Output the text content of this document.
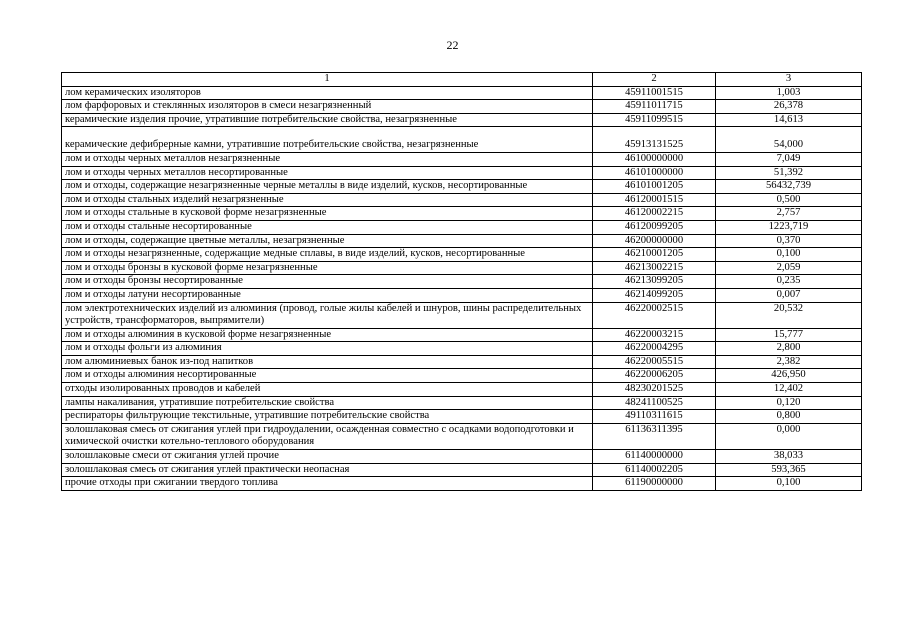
22
1	2	3
лом керамических изоляторов	45911001515	1,003
лом фарфоровых и стеклянных изоляторов в смеси незагрязненный	45911011715	26,378
керамические изделия прочие, утратившие потребительские свойства, незагрязненные	45911099515	14,613
керамические дефибрерные камни, утратившие потребительские свойства, незагрязненные	45913131525	54,000
лом и отходы черных металлов незагрязненные	46100000000	7,049
лом и отходы черных металлов несортированные	46101000000	51,392
лом и отходы, содержащие незагрязненные черные металлы в виде изделий, кусков, несортированные	46101001205	56432,739
лом и отходы стальных изделий незагрязненные	46120001515	0,500
лом и отходы стальные в кусковой форме незагрязненные	46120002215	2,757
лом и отходы стальные несортированные	46120099205	1223,719
лом и отходы, содержащие цветные металлы, незагрязненные	46200000000	0,370
лом и отходы незагрязненные, содержащие медные сплавы, в виде изделий, кусков, несортированные	46210001205	0,100
лом и отходы бронзы в кусковой форме незагрязненные	46213002215	2,059
лом и отходы бронзы несортированные	46213099205	0,235
лом и отходы латуни несортированные	46214099205	0,007
лом электротехнических изделий из алюминия (провод, голые жилы кабелей и шнуров, шины распределительных устройств, трансформаторов, выпрямители)	46220002515	20,532
лом и отходы алюминия в кусковой форме незагрязненные	46220003215	15,777
лом и отходы фольги из алюминия	46220004295	2,800
лом алюминиевых банок из-под напитков	46220005515	2,382
лом и отходы алюминия несортированные	46220006205	426,950
отходы изолированных проводов и кабелей	48230201525	12,402
лампы накаливания, утратившие потребительские свойства	48241100525	0,120
респираторы фильтрующие текстильные, утратившие потребительские свойства	49110311615	0,800
золошлаковая смесь от сжигания углей при гидроудалении, осажденная совместно с осадками водоподготовки и химической очистки котельно-теплового оборудования	61136311395	0,000
золошлаковые смеси от сжигания углей прочие	61140000000	38,033
золошлаковая смесь от сжигания углей практически неопасная	61140002205	593,365
прочие отходы при сжигании твердого топлива	61190000000	0,100
